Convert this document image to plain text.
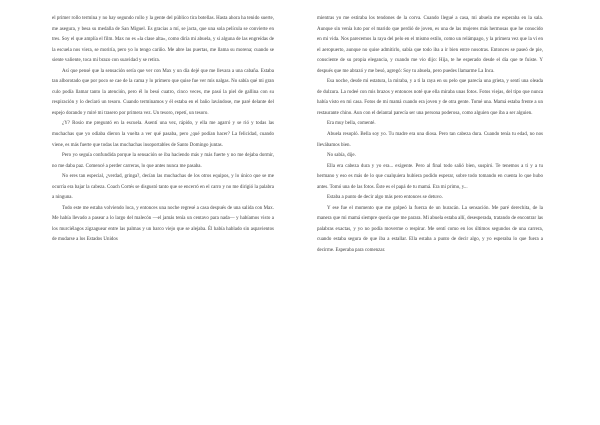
el primer rollo termina y no hay segundo rollo y la gente del público tira botellas. Hasta ahora ha tenido suerte, me asegura, y besa su medalla de San Miguel. Es gracias a mí, se jacta, que una sola película se convierte en tres. Soy el que amplía el film. Max no es «la clase alta», como diría mi abuela, y si alguna de las engreídas de la escuela nos viera, se moriría, pero yo lo tengo cariño. Me abre las puertas, me llama su morena; cuando se siente valiente, toca mi brazo con suavidad y se retira.

Así que pensé que la sensación sería que ver con Max y un día dejé que me llevara a una cabaña. Estaba tan alborotado que por poco se cae de la cama y lo primero que quise fue ver mis nalgas. No sabía qué mi gran culo podía llamar tanto la atención, pero él lo besó cuatro, cinco veces, me pasó la piel de gallina con su respiración y lo declaró un tesoro. Cuando terminamos y él estaba en el baño lavándose, me paré delante del espejo dorando y miré mi trasero por primera vez. Un tesoro, repetí, un tesoro.

¿Y? Rosio me preguntó en la escuela. Asentí una vez, rápido, y ella me agarró y se rió y todas las muchachas que yo odiaba dieron la vuelta a ver qué pasaba, pero ¿qué podían hacer? La felicidad, cuando viene, es más fuerte que todas las muchachas insoportables de Santo Domingo juntas.

Pero yo seguía confundida porque la sensación se iba haciendo más y más fuerte y no me dejaba dormir, no me daba paz. Comencé a perder carreras, lo que antes nunca me pasaba.

No eres tan especial, ¿verdad, gringa?, decían las muchachas de los otros equipos, y lo único que se me ocurría era bajar la cabeza. Coach Cortés se disgustó tanto que se encerró en el carro y no me dirigió la palabra a ninguna.

Todo este me estaba volviendo loca, y entonces una noche regresé a casa después de una salida con Max. Me había llevado a pasear a lo largo del malecón —el jamás tenía un centavo para nada— y habíamos visto a los murciélagos zigzaguear entre las palmas y un barco viejo que se alejaba. Él había hablado sin aspavientos de mudarse a los Estados Unidos

mientras yo me estiraba los tendones de la corva. Cuando llegué a casa, mi abuela me esperaba en la sala. Aunque sin venía luto por el marido que perdió de joven, es una de las mujeres más hermosas que he conocido en mi vida. Nos parecemos la raya del pelo en el mismo estilo, como un relámpago, y la primera vez que la vi en el aeropuerto, aunque no quise admitirlo, sabía que todo iba a ir bien entre nosotras. Entonces se paseó de pie, consciente de su propia elegancia, y cuando me vio dijo: Hija, te he esperado desde el día que te fuiste. Y después que me abrazó y me besó, agregó: Soy tu abuela, pero puedes llamarme La Inca.

Esa noche, desde mi estatura, la miraba, y a ti la raya en su pelo que parecía una grieta, y sentí una oleada de dulzura. La rodeé con mis brazos y entonces noté que ella miraba unas fotos. Fotos viejas, del tipo que nunca había visto en mi casa. Fotos de mi mamá cuando era joven y de otra gente. Tomé una. Mamá estaba frente a un restaurante chino. Aun con el delantal parecía ser una persona poderosa, como alguien que iba a ser alguien.

Era muy bella, comenté.

Abuela resopló. Bella soy yo. Tu madre era una diosa. Pero tan cabeza dura. Cuando tenía tu edad, no nos llevábamos bien.

No sabía, dije.

Ella era cabeza dura y yo era... exigente. Pero al final todo salió bien, suspiró. Te tenemos a ti y a tu hermano y eso es más de lo que cualquiera hubiera podido esperar, sobre todo tomando en cuenta lo que hubo antes. Tomó una de las fotos. Éste es el papá de tu mamá. Era mi primo, y...

Estaba a punto de decir algo más pero entonces se detuvo.

Y ese fue el momento que me golpeó la fuerza de un huracán. La sensación. Me paré derechita, de la manera que mi mamá siempre quería que me parara. Mi abuela estaba allí, desesperada, tratando de encontrar las palabras exactas, y yo no podía moverme o respirar. Me sentí como en los últimos segundos de una carrera, cuando estaba segura de que iba a estallar. Ella estaba a punto de decir algo, y yo esperaba lo que fuera a decirme. Esperaba para comenzar.
